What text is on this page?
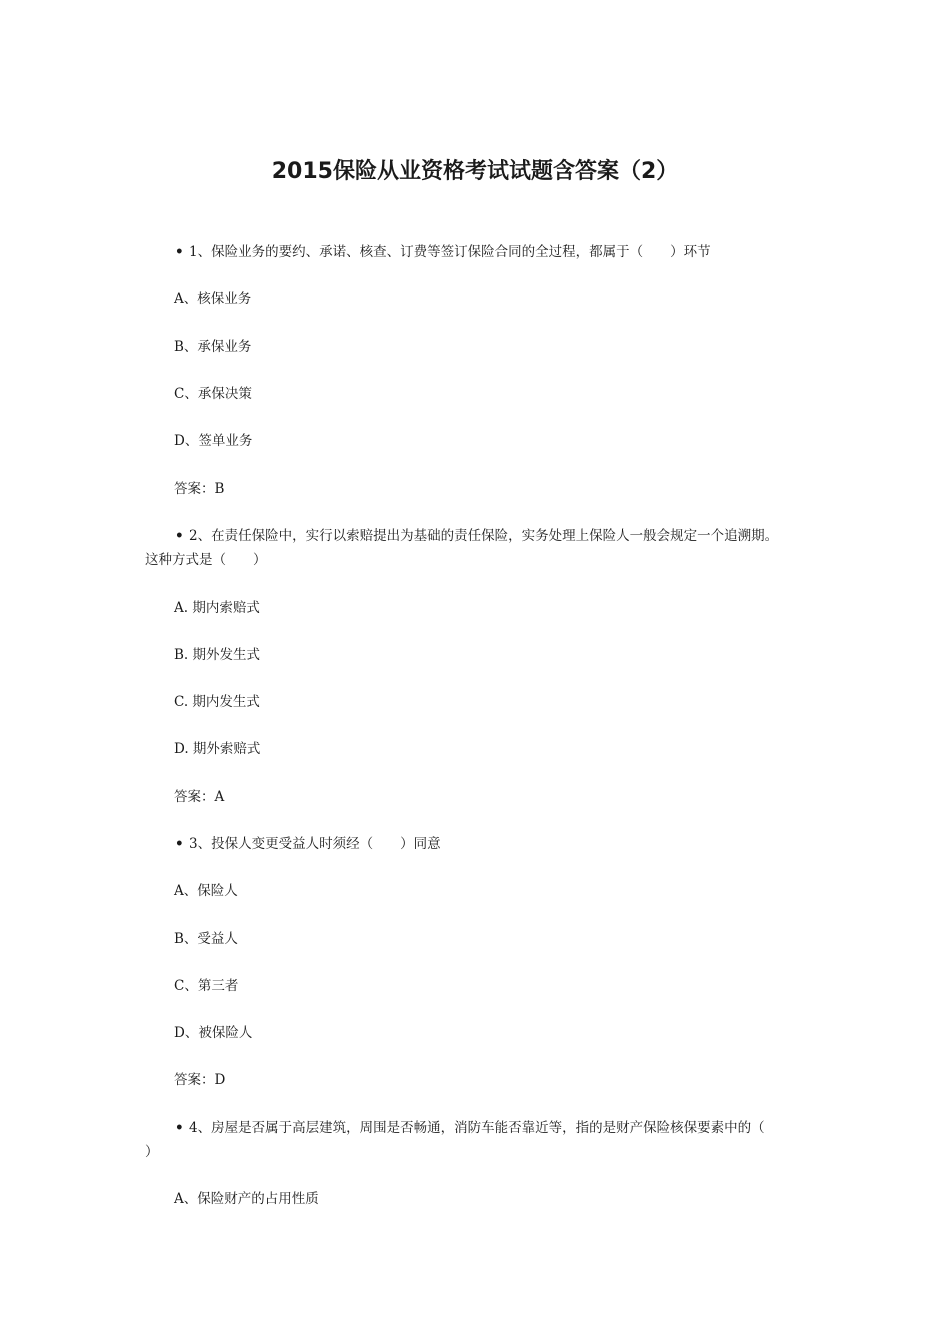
2015保险从业资格考试试题含答案（2）

• 1、保险业务的要约、承诺、核查、订费等签订保险合同的全过程，都属于（　　）环节

A、核保业务

B、承保业务

C、承保决策

D、签单业务

答案：B

• 2、在责任保险中，实行以索赔提出为基础的责任保险，实务处理上保险人一般会规定一个追溯期。

这种方式是（　　）

A. 期内索赔式

B. 期外发生式

C. 期内发生式

D. 期外索赔式

答案：A

• 3、投保人变更受益人时须经（　　）同意

A、保险人

B、受益人

C、第三者

D、被保险人

答案：D

• 4、房屋是否属于高层建筑，周围是否畅通，消防车能否靠近等，指的是财产保险核保要素中的（

）

A、保险财产的占用性质
